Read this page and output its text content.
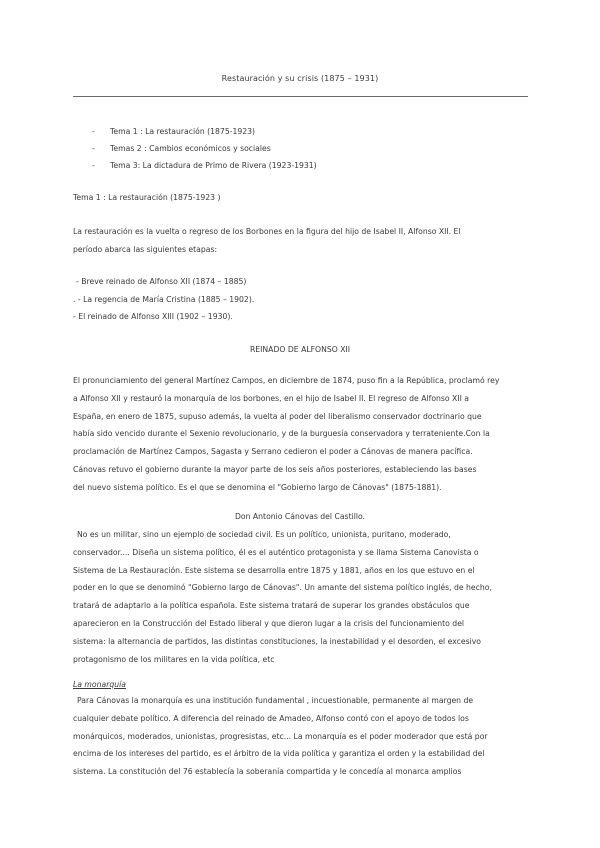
Restauración y su crisis (1875 – 1931)
- Tema 1 : La restauración (1875-1923)
- Temas 2 : Cambios económicos y sociales
- Tema 3: La dictadura de Primo de Rivera (1923-1931)
Tema 1 : La restauración (1875-1923 )
La restauración es la vuelta o regreso de los Borbones en la figura del hijo de Isabel II, Alfonso XII. El
período abarca las siguientes etapas:
- Breve reinado de Alfonso XII (1874 – 1885)
. - La regencia de María Cristina (1885 – 1902).
- El reinado de Alfonso XIII (1902 – 1930).
REINADO DE ALFONSO XII
El pronunciamiento del general Martínez Campos, en diciembre de 1874, puso fin a la República, proclamó rey
a Alfonso XII y restauró la monarquía de los borbones, en el hijo de Isabel II. El regreso de Alfonso XII a
España, en enero de 1875, supuso además, la vuelta al poder del liberalismo conservador doctrinario que
había sido vencido durante el Sexenio revolucionario, y de la burguesía conservadora y terrateniente.Con la
proclamación de Martínez Campos, Sagasta y Serrano cedieron el poder a Cánovas de manera pacífica.
Cánovas retuvo el gobierno durante la mayor parte de los seis años posteriores, estableciendo las bases
del nuevo sistema político. Es el que se denomina el "Gobierno largo de Cánovas" (1875-1881).
Don Antonio Cánovas del Castillo.
No es un militar, sino un ejemplo de sociedad civil. Es un político, unionista, puritano, moderado,
conservador.... Diseña un sistema político, él es el auténtico protagonista y se llama Sistema Canovista o
Sistema de La Restauración. Este sistema se desarrolla entre 1875 y 1881, años en los que estuvo en el
poder en lo que se denominó "Gobierno largo de Cánovas". Un amante del sistema político inglés, de hecho,
tratará de adaptarlo a la política española. Este sistema tratará de superar los grandes obstáculos que
aparecieron en la Construcción del Estado liberal y que dieron lugar a la crisis del funcionamiento del
sistema: la alternancia de partidos, las distintas constituciones, la inestabilidad y el desorden, el excesivo
protagonismo de los militares en la vida política, etc
La monarquía
Para Cánovas la monarquía es una institución fundamental , incuestionable, permanente al margen de
cualquier debate político. A diferencia del reinado de Amadeo, Alfonso contó con el apoyo de todos los
monárquicos, moderados, unionistas, progresistas, etc... La monarquía es el poder moderador que está por
encima de los intereses del partido, es el árbitro de la vida política y garantiza el orden y la estabilidad del
sistema. La constitución del 76 establecía la soberanía compartida y le concedía al monarca amplios
